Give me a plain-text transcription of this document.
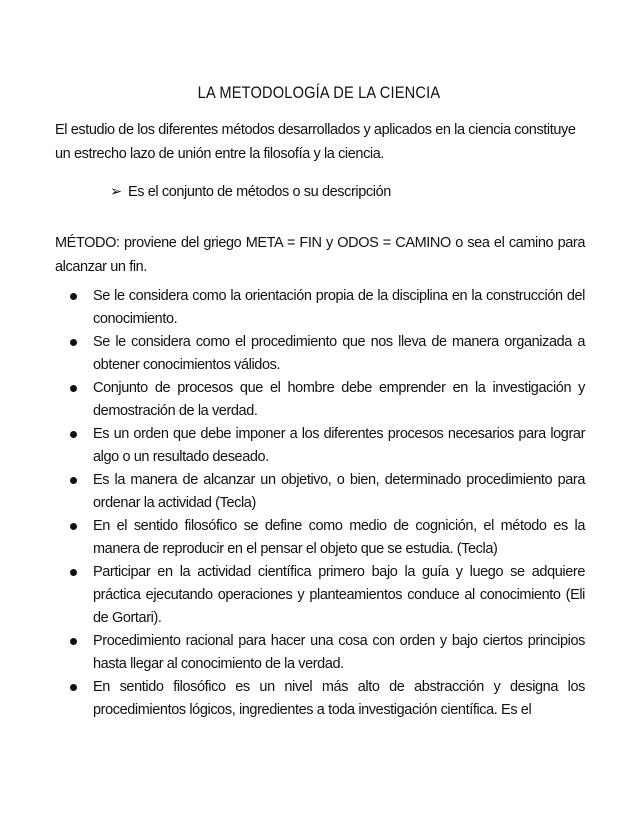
LA METODOLOGÍA DE LA CIENCIA
El estudio de los diferentes métodos desarrollados y aplicados en la ciencia constituye un estrecho lazo de unión entre la filosofía y la ciencia.
➢ Es el conjunto de métodos o su descripción
MÉTODO: proviene del griego META = FIN y ODOS = CAMINO o sea el camino para alcanzar un fin.
Se le considera como la orientación propia de la disciplina en la construcción del conocimiento.
Se le considera como el procedimiento que nos lleva de manera organizada a obtener conocimientos válidos.
Conjunto de procesos que el hombre debe emprender en la investigación y demostración de la verdad.
Es un orden que debe imponer a los diferentes procesos necesarios para lograr algo o un resultado deseado.
Es la manera de alcanzar un objetivo, o bien, determinado procedimiento para ordenar la actividad (Tecla)
En el sentido filosófico se define como medio de cognición, el método es la manera de reproducir en el pensar el objeto que se estudia. (Tecla)
Participar en la actividad científica primero bajo la guía y luego se adquiere práctica ejecutando operaciones y planteamientos conduce al conocimiento (Eli de Gortari).
Procedimiento racional para hacer una cosa con orden y bajo ciertos principios hasta llegar al conocimiento de la verdad.
En sentido filosófico es un nivel más alto de abstracción y designa los procedimientos lógicos, ingredientes a toda investigación científica. Es el
